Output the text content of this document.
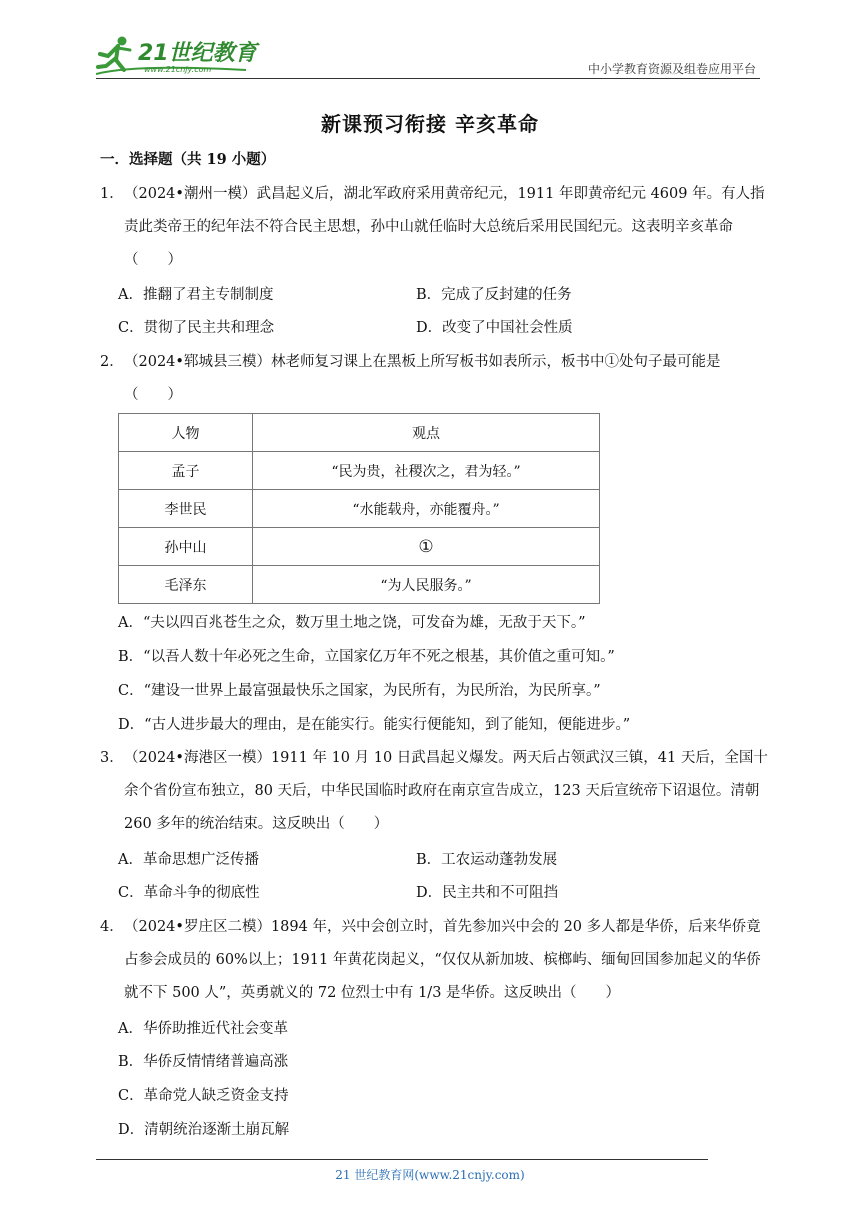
21世纪教育
www.21cnjy.com	中小学教育资源及组卷应用平台
新课预习衔接 辛亥革命
一．选择题（共 19 小题）
1． （2024•潮州一模）武昌起义后，湖北军政府采用黄帝纪元，1911 年即黄帝纪元 4609 年。有人指责此类帝王的纪年法不符合民主思想，孙中山就任临时大总统后采用民国纪元。这表明辛亥革命（　　）
A．推翻了君主专制制度	B．完成了反封建的任务
C．贯彻了民主共和理念	D．改变了中国社会性质
2． （2024•郓城县三模）林老师复习课上在黑板上所写板书如表所示，板书中①处句子最可能是（　　）
人物	观点
孟子	“民为贵，社稷次之，君为轻。”
李世民	“水能载舟，亦能覆舟。”
孙中山	①
毛泽东	“为人民服务。”
A．“夫以四百兆苍生之众，数万里土地之饶，可发奋为雄，无敌于天下。”
B．“以吾人数十年必死之生命，立国家亿万年不死之根基，其价值之重可知。”
C．“建设一世界上最富强最快乐之国家，为民所有，为民所治，为民所享。”
D．“古人进步最大的理由，是在能实行。能实行便能知，到了能知，便能进步。”
3． （2024•海港区一模）1911 年 10 月 10 日武昌起义爆发。两天后占领武汉三镇，41 天后，全国十余个省份宣布独立，80 天后，中华民国临时政府在南京宣告成立，123 天后宣统帝下诏退位。清朝 260 多年的统治结束。这反映出（　　）
A．革命思想广泛传播	B．工农运动蓬勃发展
C．革命斗争的彻底性	D．民主共和不可阻挡
4． （2024•罗庄区二模）1894 年，兴中会创立时，首先参加兴中会的 20 多人都是华侨，后来华侨竟占参会成员的 60%以上；1911 年黄花岗起义，“仅仅从新加坡、槟榔屿、缅甸回国参加起义的华侨就不下 500 人”，英勇就义的 72 位烈士中有 1/3 是华侨。这反映出（　　）
A．华侨助推近代社会变革
B．华侨反情情绪普遍高涨
C．革命党人缺乏资金支持
D．清朝统治逐渐土崩瓦解
21 世纪教育网(www.21cnjy.com)
